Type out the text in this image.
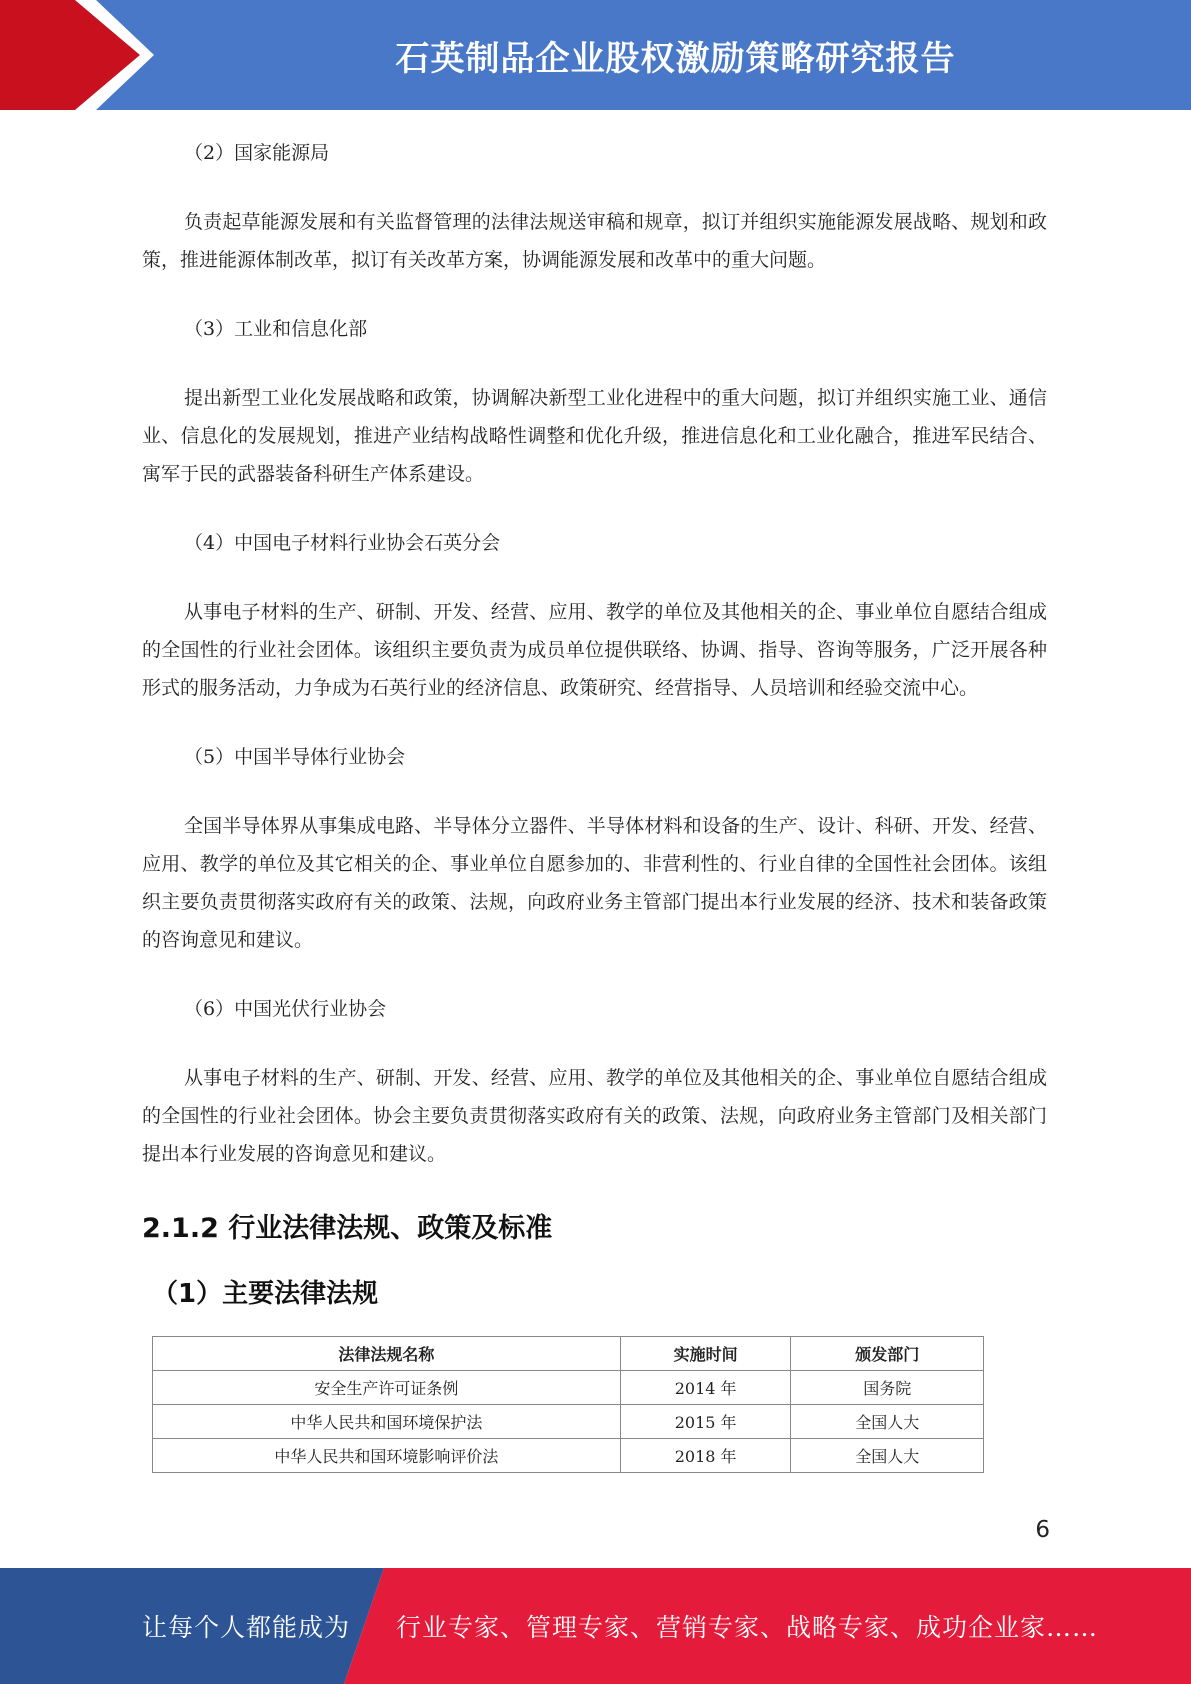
石英制品企业股权激励策略研究报告

（2）国家能源局

负责起草能源发展和有关监督管理的法律法规送审稿和规章，拟订并组织实施能源发展战略、规划和政策，推进能源体制改革，拟订有关改革方案，协调能源发展和改革中的重大问题。

（3）工业和信息化部

提出新型工业化发展战略和政策，协调解决新型工业化进程中的重大问题，拟订并组织实施工业、通信业、信息化的发展规划，推进产业结构战略性调整和优化升级，推进信息化和工业化融合，推进军民结合、寓军于民的武器装备科研生产体系建设。

（4）中国电子材料行业协会石英分会

从事电子材料的生产、研制、开发、经营、应用、教学的单位及其他相关的企、事业单位自愿结合组成的全国性的行业社会团体。该组织主要负责为成员单位提供联络、协调、指导、咨询等服务，广泛开展各种形式的服务活动，力争成为石英行业的经济信息、政策研究、经营指导、人员培训和经验交流中心。

（5）中国半导体行业协会

全国半导体界从事集成电路、半导体分立器件、半导体材料和设备的生产、设计、科研、开发、经营、应用、教学的单位及其它相关的企、事业单位自愿参加的、非营利性的、行业自律的全国性社会团体。该组织主要负责贯彻落实政府有关的政策、法规，向政府业务主管部门提出本行业发展的经济、技术和装备政策的咨询意见和建议。

（6）中国光伏行业协会

从事电子材料的生产、研制、开发、经营、应用、教学的单位及其他相关的企、事业单位自愿结合组成的全国性的行业社会团体。协会主要负责贯彻落实政府有关的政策、法规，向政府业务主管部门及相关部门提出本行业发展的咨询意见和建议。

2.1.2 行业法律法规、政策及标准
（1）主要法律法规
法律法规名称	实施时间	颁发部门
安全生产许可证条例	2014 年	国务院
中华人民共和国环境保护法	2015 年	全国人大
中华人民共和国环境影响评价法	2018 年	全国人大
6
让每个人都能成为 行业专家、管理专家、营销专家、战略专家、成功企业家……
